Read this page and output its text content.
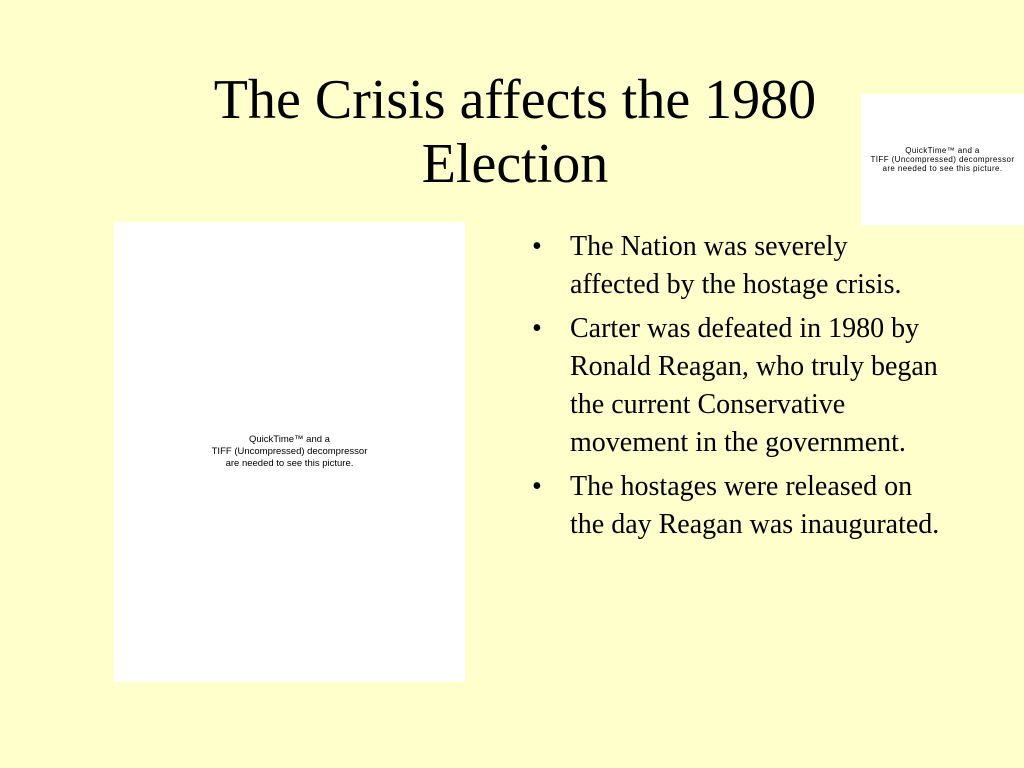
The Crisis affects the 1980 Election	QuickTime™ and a
TIFF (Uncompressed) decompressor
are needed to see this picture.
QuickTime™ and a
TIFF (Uncompressed) decompressor
are needed to see this picture.
• The Nation was severely affected by the hostage crisis.
• Carter was defeated in 1980 by Ronald Reagan, who truly began the current Conservative movement in the government.
• The hostages were released on the day Reagan was inaugurated.
